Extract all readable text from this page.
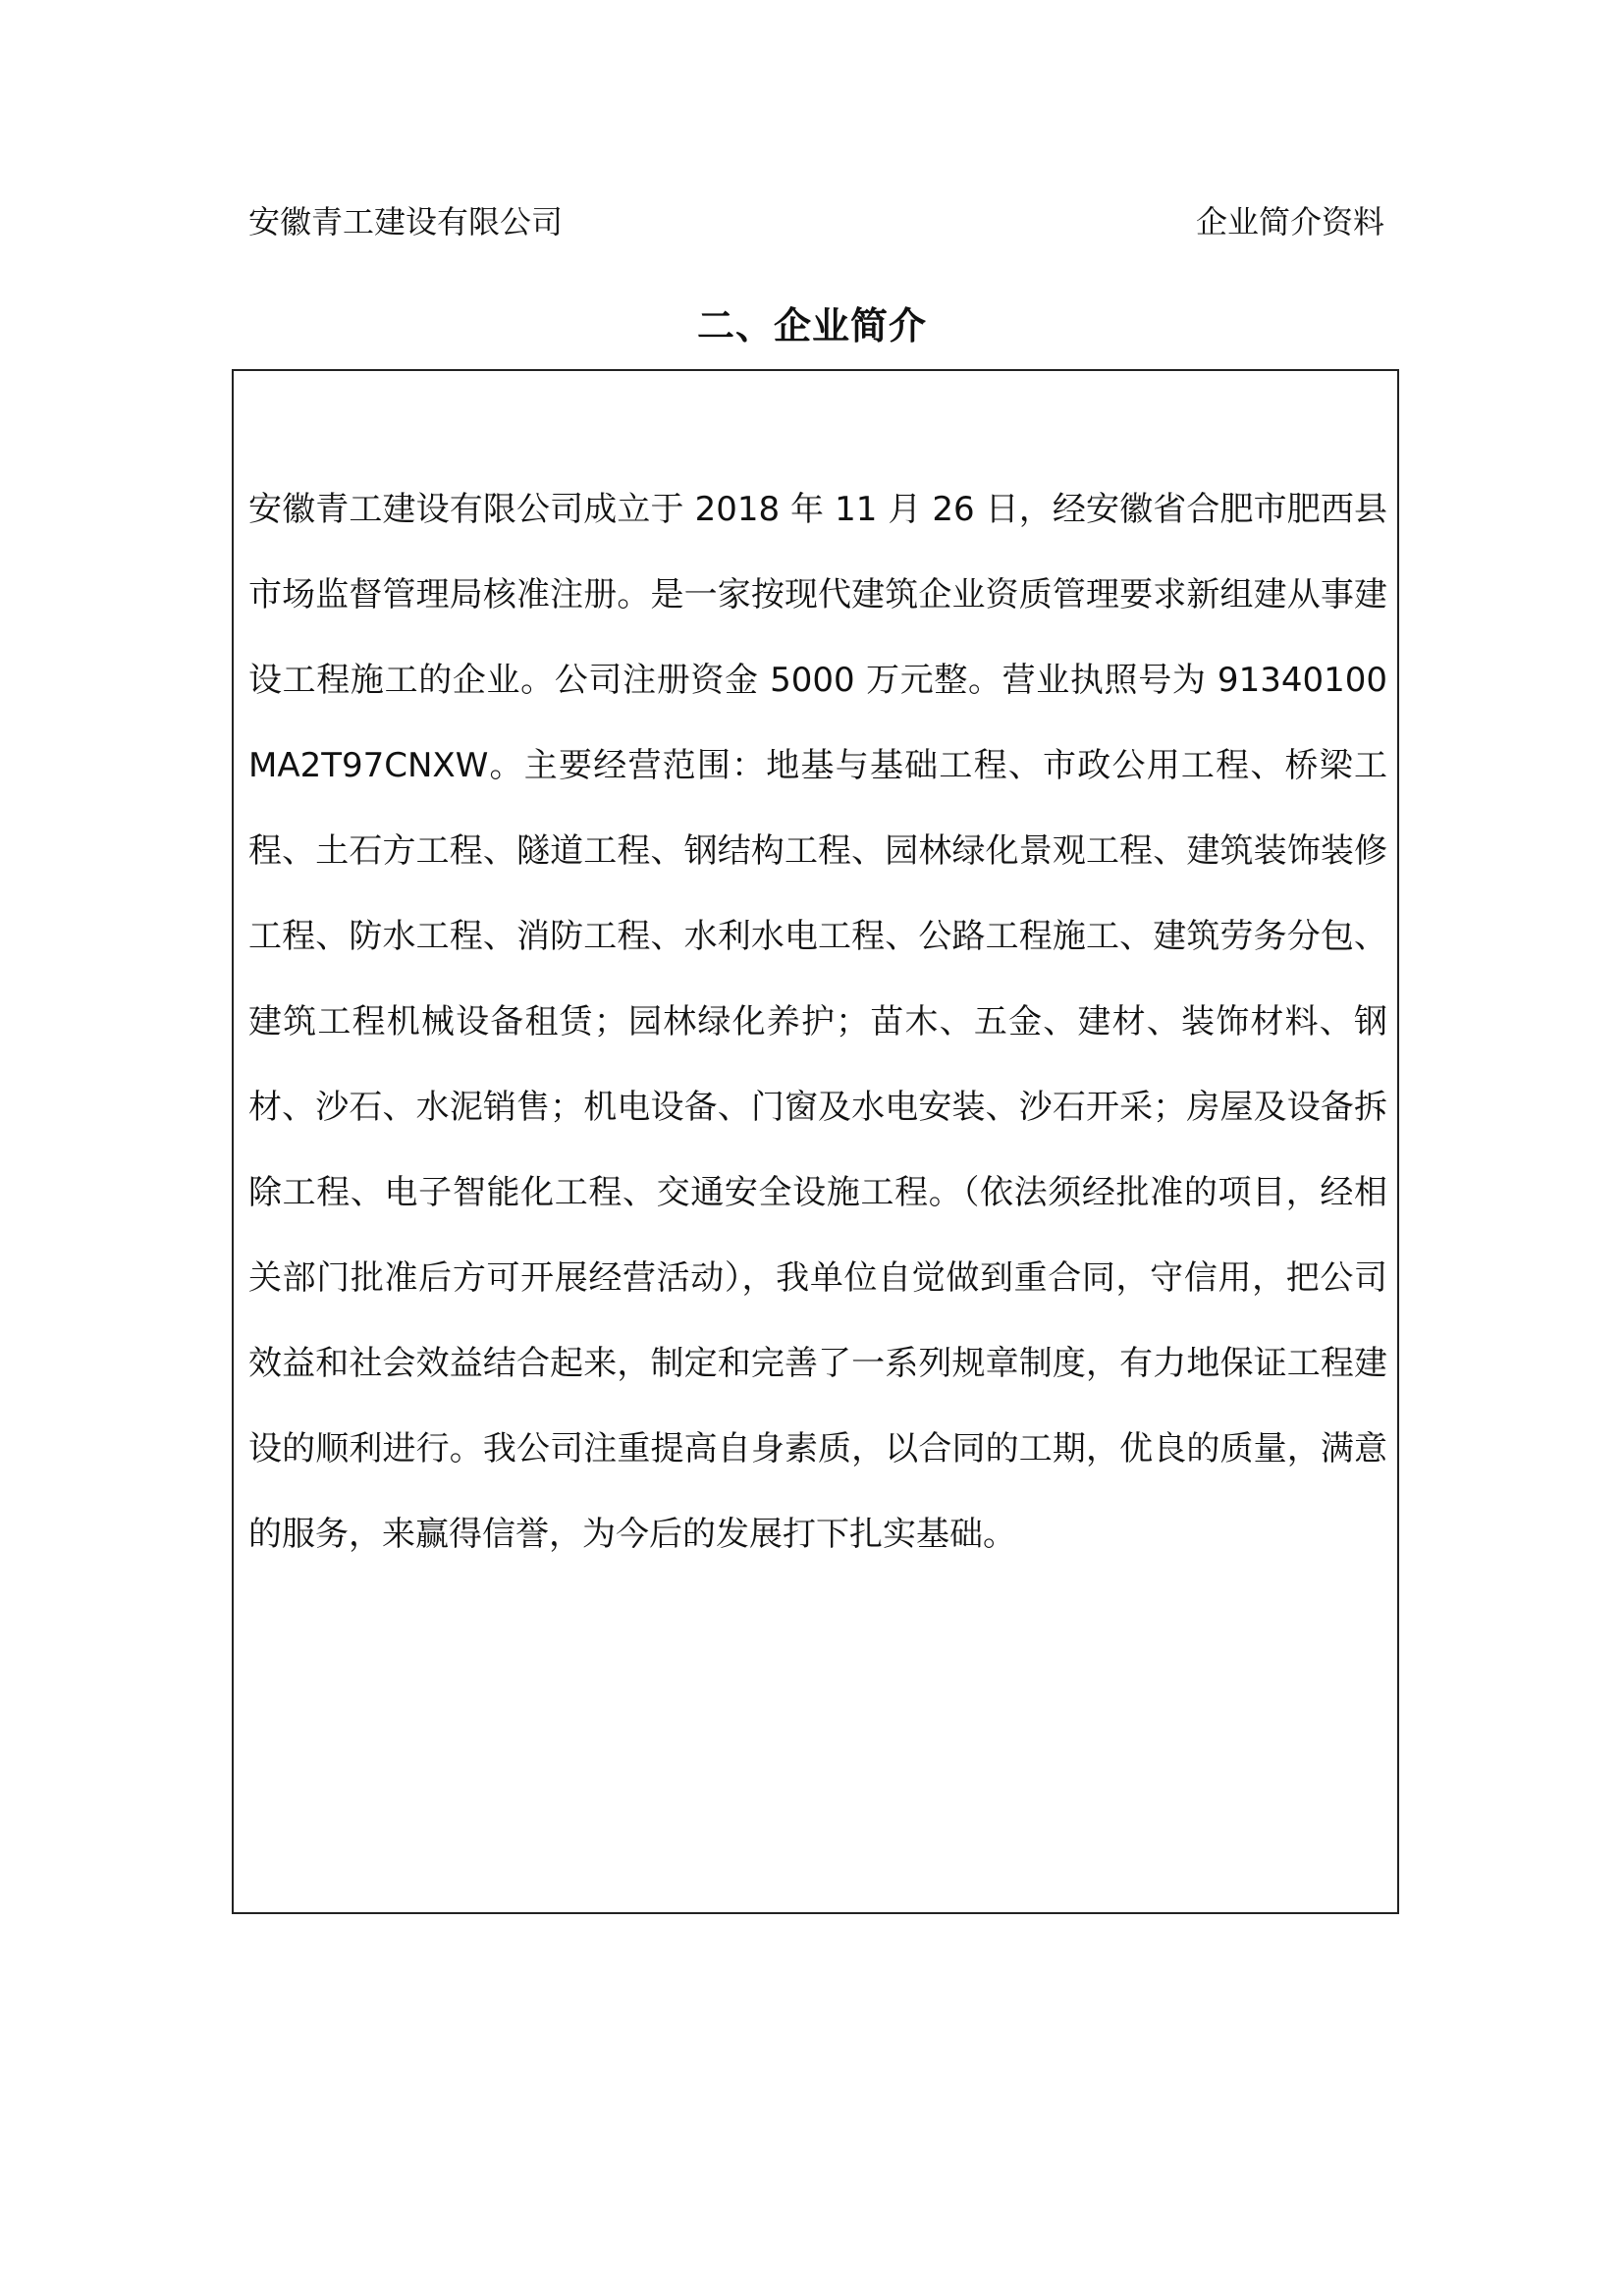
安徽青工建设有限公司	企业简介资料
二、企业简介

安徽青工建设有限公司成立于 2018 年 11 月 26 日，经安徽省合肥市肥西县市场监督管理局核准注册。是一家按现代建筑企业资质管理要求新组建从事建设工程施工的企业。公司注册资金 5000 万元整。营业执照号为 91340100MA2T97CNXW。主要经营范围：地基与基础工程、市政公用工程、桥梁工程、土石方工程、隧道工程、钢结构工程、园林绿化景观工程、建筑装饰装修工程、防水工程、消防工程、水利水电工程、公路工程施工、建筑劳务分包、建筑工程机械设备租赁；园林绿化养护；苗木、五金、建材、装饰材料、钢材、沙石、水泥销售；机电设备、门窗及水电安装、沙石开采；房屋及设备拆除工程、电子智能化工程、交通安全设施工程。（依法须经批准的项目，经相关部门批准后方可开展经营活动），我单位自觉做到重合同，守信用，把公司效益和社会效益结合起来，制定和完善了一系列规章制度，有力地保证工程建设的顺利进行。我公司注重提高自身素质，以合同的工期，优良的质量，满意的服务，来赢得信誉，为今后的发展打下扎实基础。
